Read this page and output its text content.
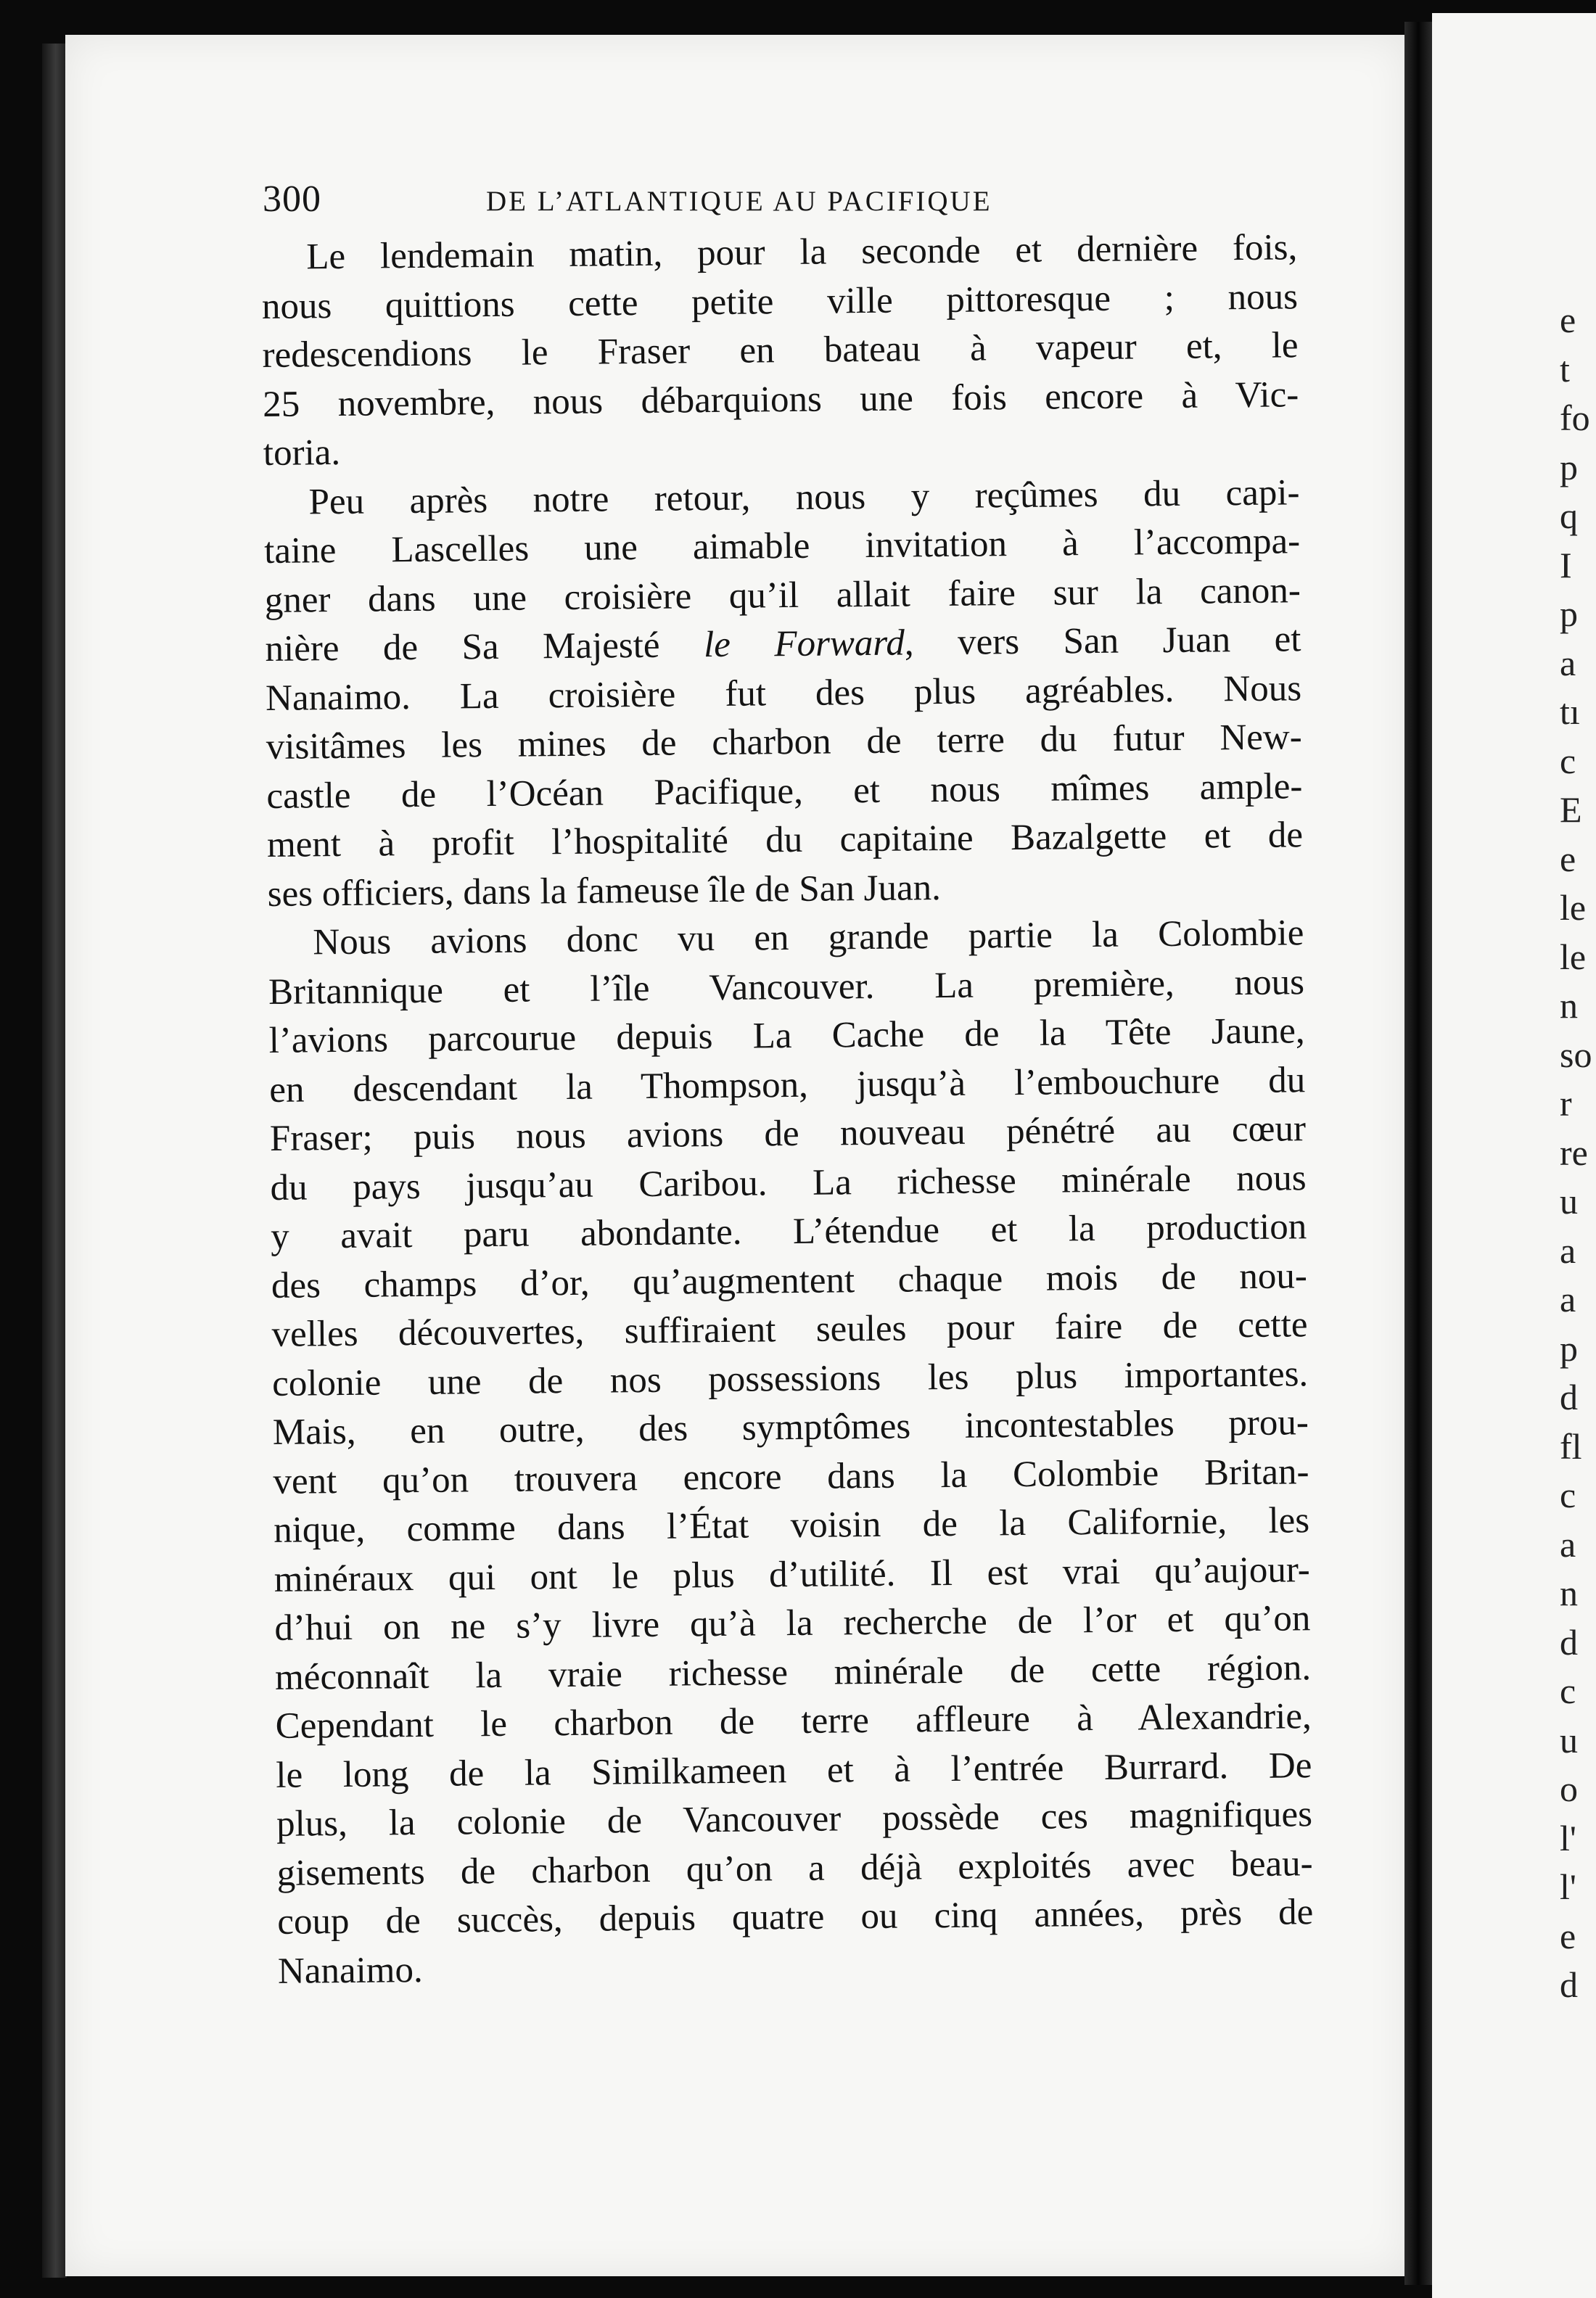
300	DE L’ATLANTIQUE AU PACIFIQUE
Le lendemain matin, pour la seconde et dernière fois,
nous quittions cette petite ville pittoresque ; nous
redescendions le Fraser en bateau à vapeur et, le
25 novembre, nous débarquions une fois encore à Vic-
toria.
Peu après notre retour, nous y reçûmes du capi-
taine Lascelles une aimable invitation à l’accompa-
gner dans une croisière qu’il allait faire sur la canon-
nière de Sa Majesté le Forward, vers San Juan et
Nanaimo. La croisière fut des plus agréables. Nous
visitâmes les mines de charbon de terre du futur New-
castle de l’Océan Pacifique, et nous mîmes ample-
ment à profit l’hospitalité du capitaine Bazalgette et de
ses officiers, dans la fameuse île de San Juan.
Nous avions donc vu en grande partie la Colombie
Britannique et l’île Vancouver. La première, nous
l’avions parcourue depuis La Cache de la Tête Jaune,
en descendant la Thompson, jusqu’à l’embouchure du
Fraser; puis nous avions de nouveau pénétré au cœur
du pays jusqu’au Caribou. La richesse minérale nous
y avait paru abondante. L’étendue et la production
des champs d’or, qu’augmentent chaque mois de nou-
velles découvertes, suffiraient seules pour faire de cette
colonie une de nos possessions les plus importantes.
Mais, en outre, des symptômes incontestables prou-
vent qu’on trouvera encore dans la Colombie Britan-
nique, comme dans l’État voisin de la Californie, les
minéraux qui ont le plus d’utilité. Il est vrai qu’aujour-
d’hui on ne s’y livre qu’à la recherche de l’or et qu’on
méconnaît la vraie richesse minérale de cette région.
Cependant le charbon de terre affleure à Alexandrie,
le long de la Similkameen et à l’entrée Burrard. De
plus, la colonie de Vancouver possède ces magnifiques
gisements de charbon qu’on a déjà exploités avec beau-
coup de succès, depuis quatre ou cinq années, près de
Nanaimo.
e
t
fo
p
q
I
p
a
tı
c
E
e
le
le
n
so
r
re
u
a
a
p
d
fl
c
a
n
d
c
u
o
l'
l'
e
d
